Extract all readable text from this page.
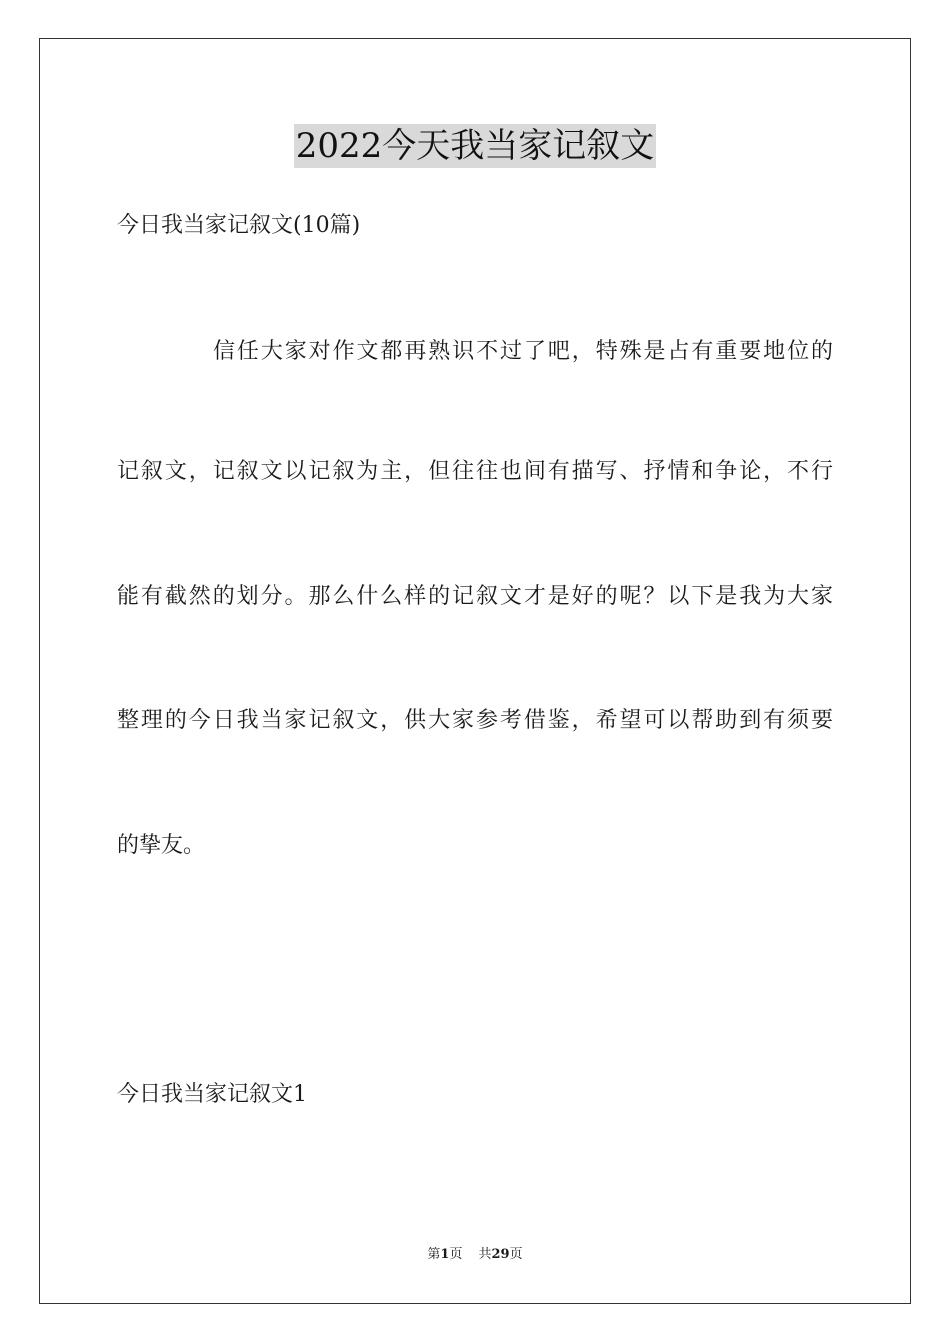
2022今天我当家记叙文
今日我当家记叙文(10篇)
信任大家对作文都再熟识不过了吧，特殊是占有重要地位的
记叙文，记叙文以记叙为主，但往往也间有描写、抒情和争论，不行
能有截然的划分。那么什么样的记叙文才是好的呢？以下是我为大家
整理的今日我当家记叙文，供大家参考借鉴，希望可以帮助到有须要
的挚友。
今日我当家记叙文1
第1页 共29页
